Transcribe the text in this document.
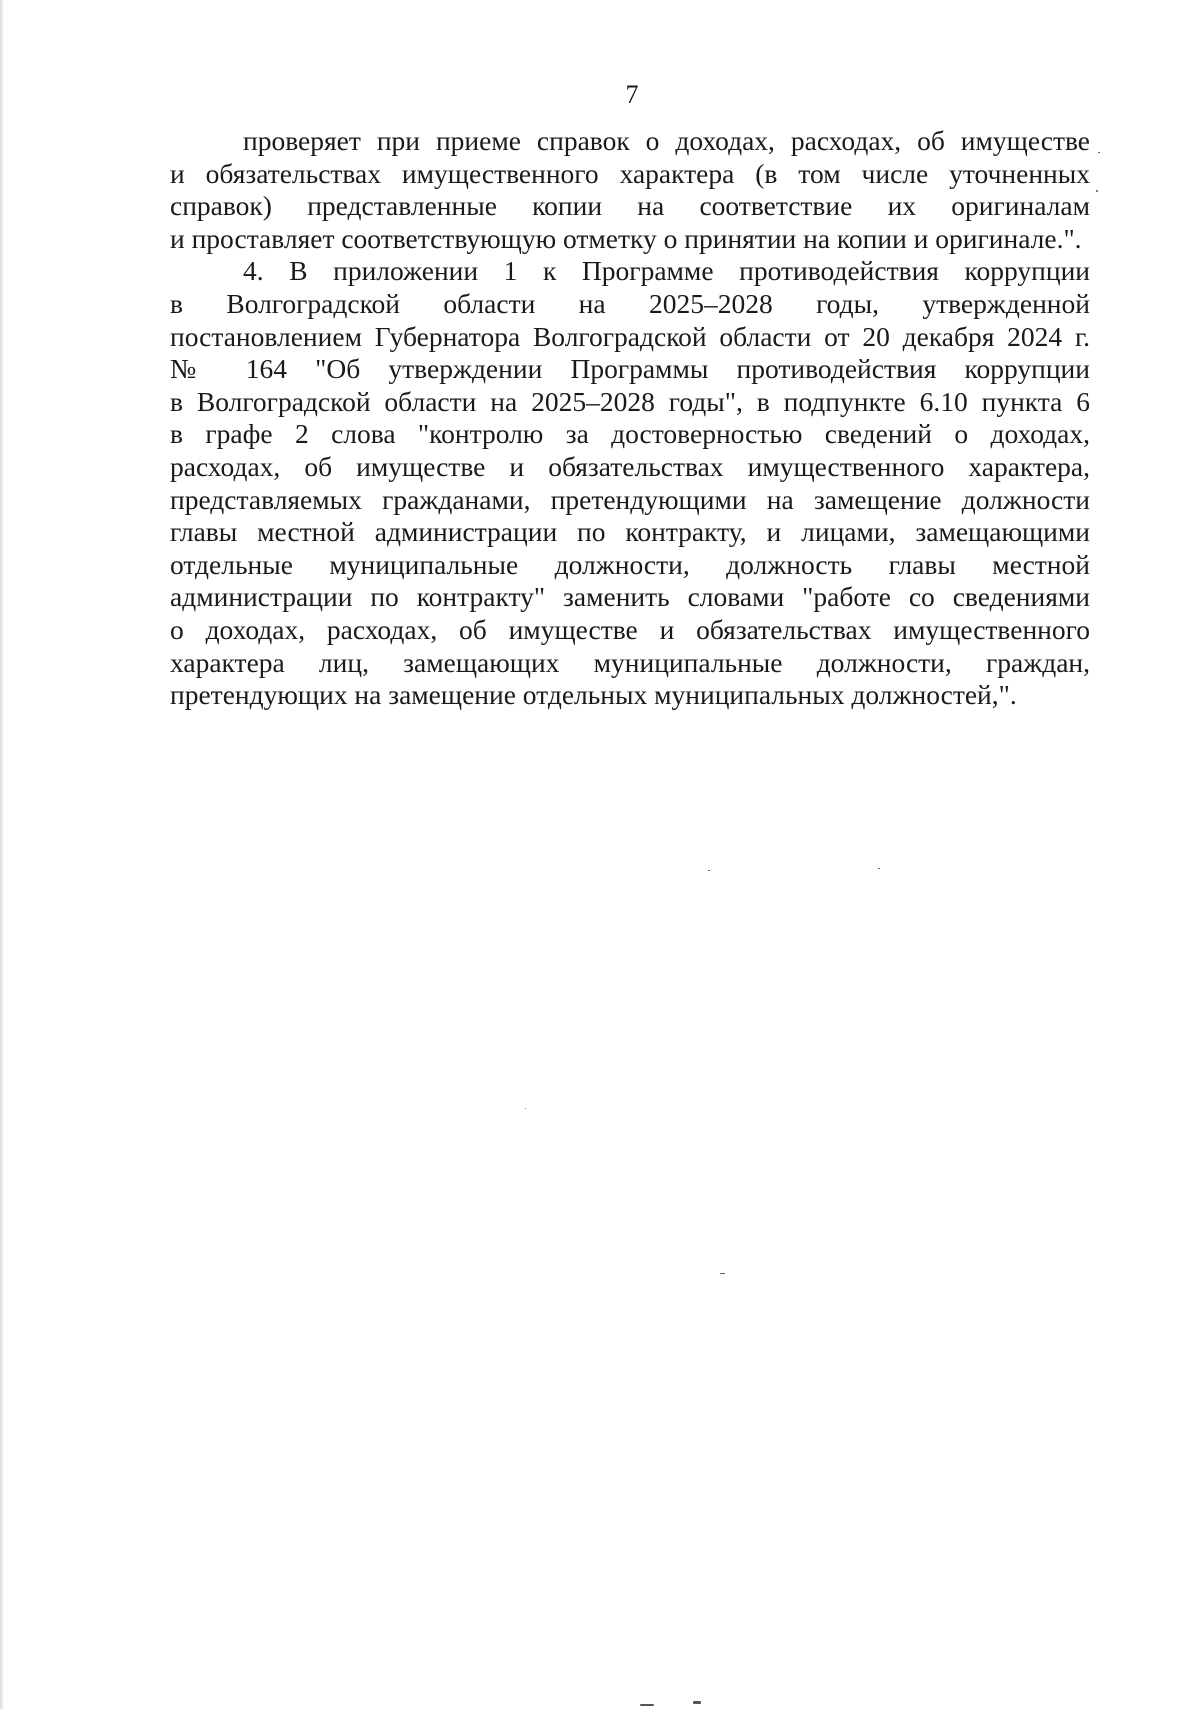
7

проверяет при приеме справок о доходах, расходах, об имуществе
и обязательствах имущественного характера (в том числе уточненных
справок) представленные копии на соответствие их оригиналам
и проставляет соответствующую отметку о принятии на копии и оригинале.".

4. В приложении 1 к Программе противодействия коррупции
в Волгоградской области на 2025–2028 годы, утвержденной
постановлением Губернатора Волгоградской области от 20 декабря 2024 г.
№ 164 "Об утверждении Программы противодействия коррупции
в Волгоградской области на 2025–2028 годы", в подпункте 6.10 пункта 6
в графе 2 слова "контролю за достоверностью сведений о доходах,
расходах, об имуществе и обязательствах имущественного характера,
представляемых гражданами, претендующими на замещение должности
главы местной администрации по контракту, и лицами, замещающими
отдельные муниципальные должности, должность главы местной
администрации по контракту" заменить словами "работе со сведениями
о доходах, расходах, об имуществе и обязательствах имущественного
характера лиц, замещающих муниципальные должности, граждан,
претендующих на замещение отдельных муниципальных должностей,".
